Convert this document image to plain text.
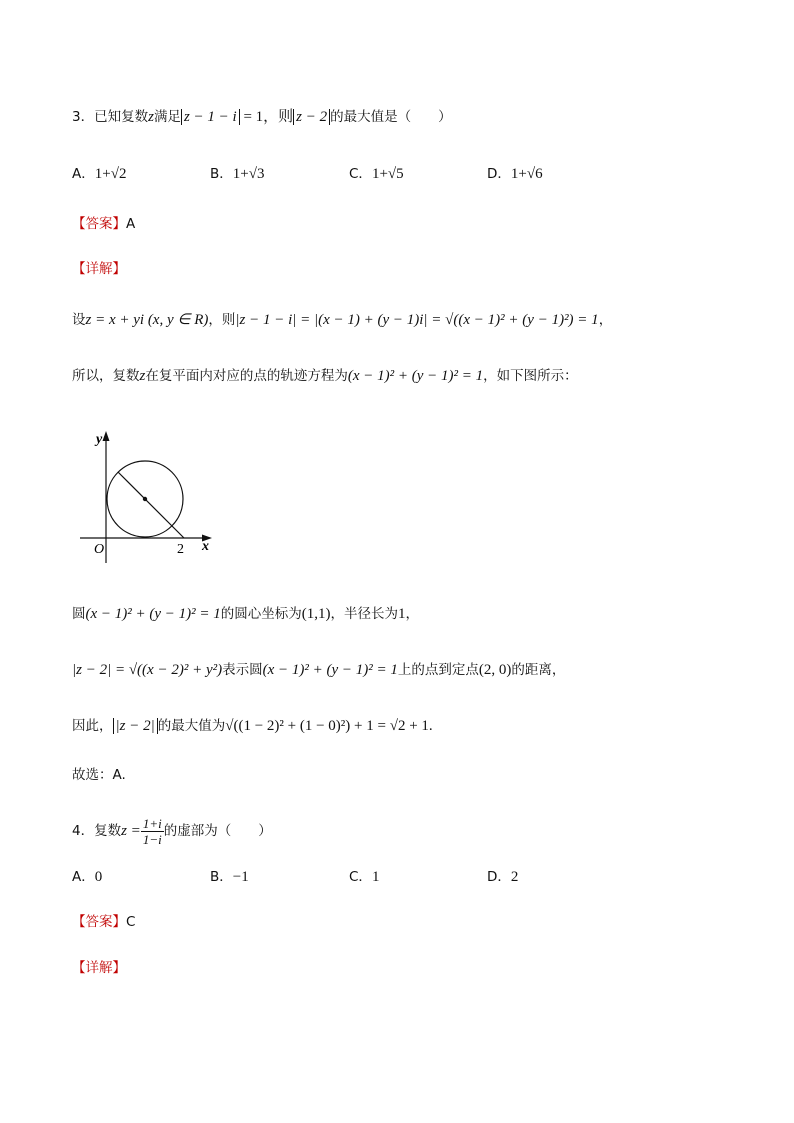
3．已知复数z满足 z − 1 − i = 1，则 z − 2 的最大值是（　　）
A．1+√2	B．1+√3	C．1+√5	D．1+√6
【答案】A
【详解】
设z = x + yi (x, y ∈ R)，则|z − 1 − i| = |(x − 1) + (y − 1)i| = √((x − 1)² + (y − 1)²) = 1，
所以，复数z在复平面内对应的点的轨迹方程为(x − 1)² + (y − 1)² = 1，如下图所示：
y
x
O	2
圆(x − 1)² + (y − 1)² = 1的圆心坐标为(1,1)，半径长为1，
|z − 2| = √((x − 2)² + y²)表示圆(x − 1)² + (y − 1)² = 1上的点到定点(2, 0)的距离，
因此， |z − 2| 的最大值为√((1 − 2)² + (1 − 0)²) + 1 = √2 + 1.
故选：A.
4．复数$z = \frac{1+i}{1-i}$ 的虚部为（　　）
A．0	B．−1	C．1	D．2
【答案】C
【详解】
